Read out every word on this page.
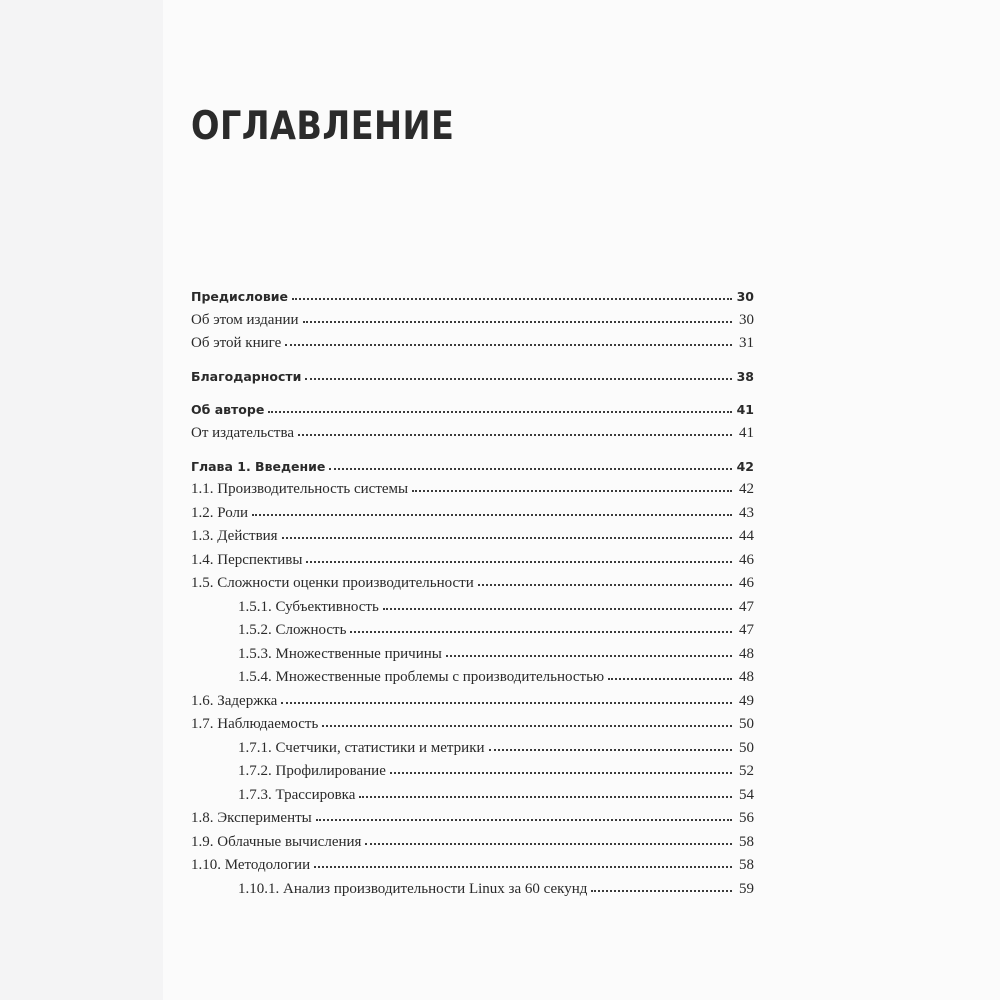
ОГЛАВЛЕНИЕ
Предисловие	30
Об этом издании	30
Об этой книге	31
Благодарности	38
Об авторе	41
От издательства	41
Глава 1. Введение	42
1.1. Производительность системы	42
1.2. Роли	43
1.3. Действия	44
1.4. Перспективы	46
1.5. Сложности оценки производительности	46
1.5.1. Субъективность	47
1.5.2. Сложность	47
1.5.3. Множественные причины	48
1.5.4. Множественные проблемы с производительностью	48
1.6. Задержка	49
1.7. Наблюдаемость	50
1.7.1. Счетчики, статистики и метрики	50
1.7.2. Профилирование	52
1.7.3. Трассировка	54
1.8. Эксперименты	56
1.9. Облачные вычисления	58
1.10. Методологии	58
1.10.1. Анализ производительности Linux за 60 секунд	59
